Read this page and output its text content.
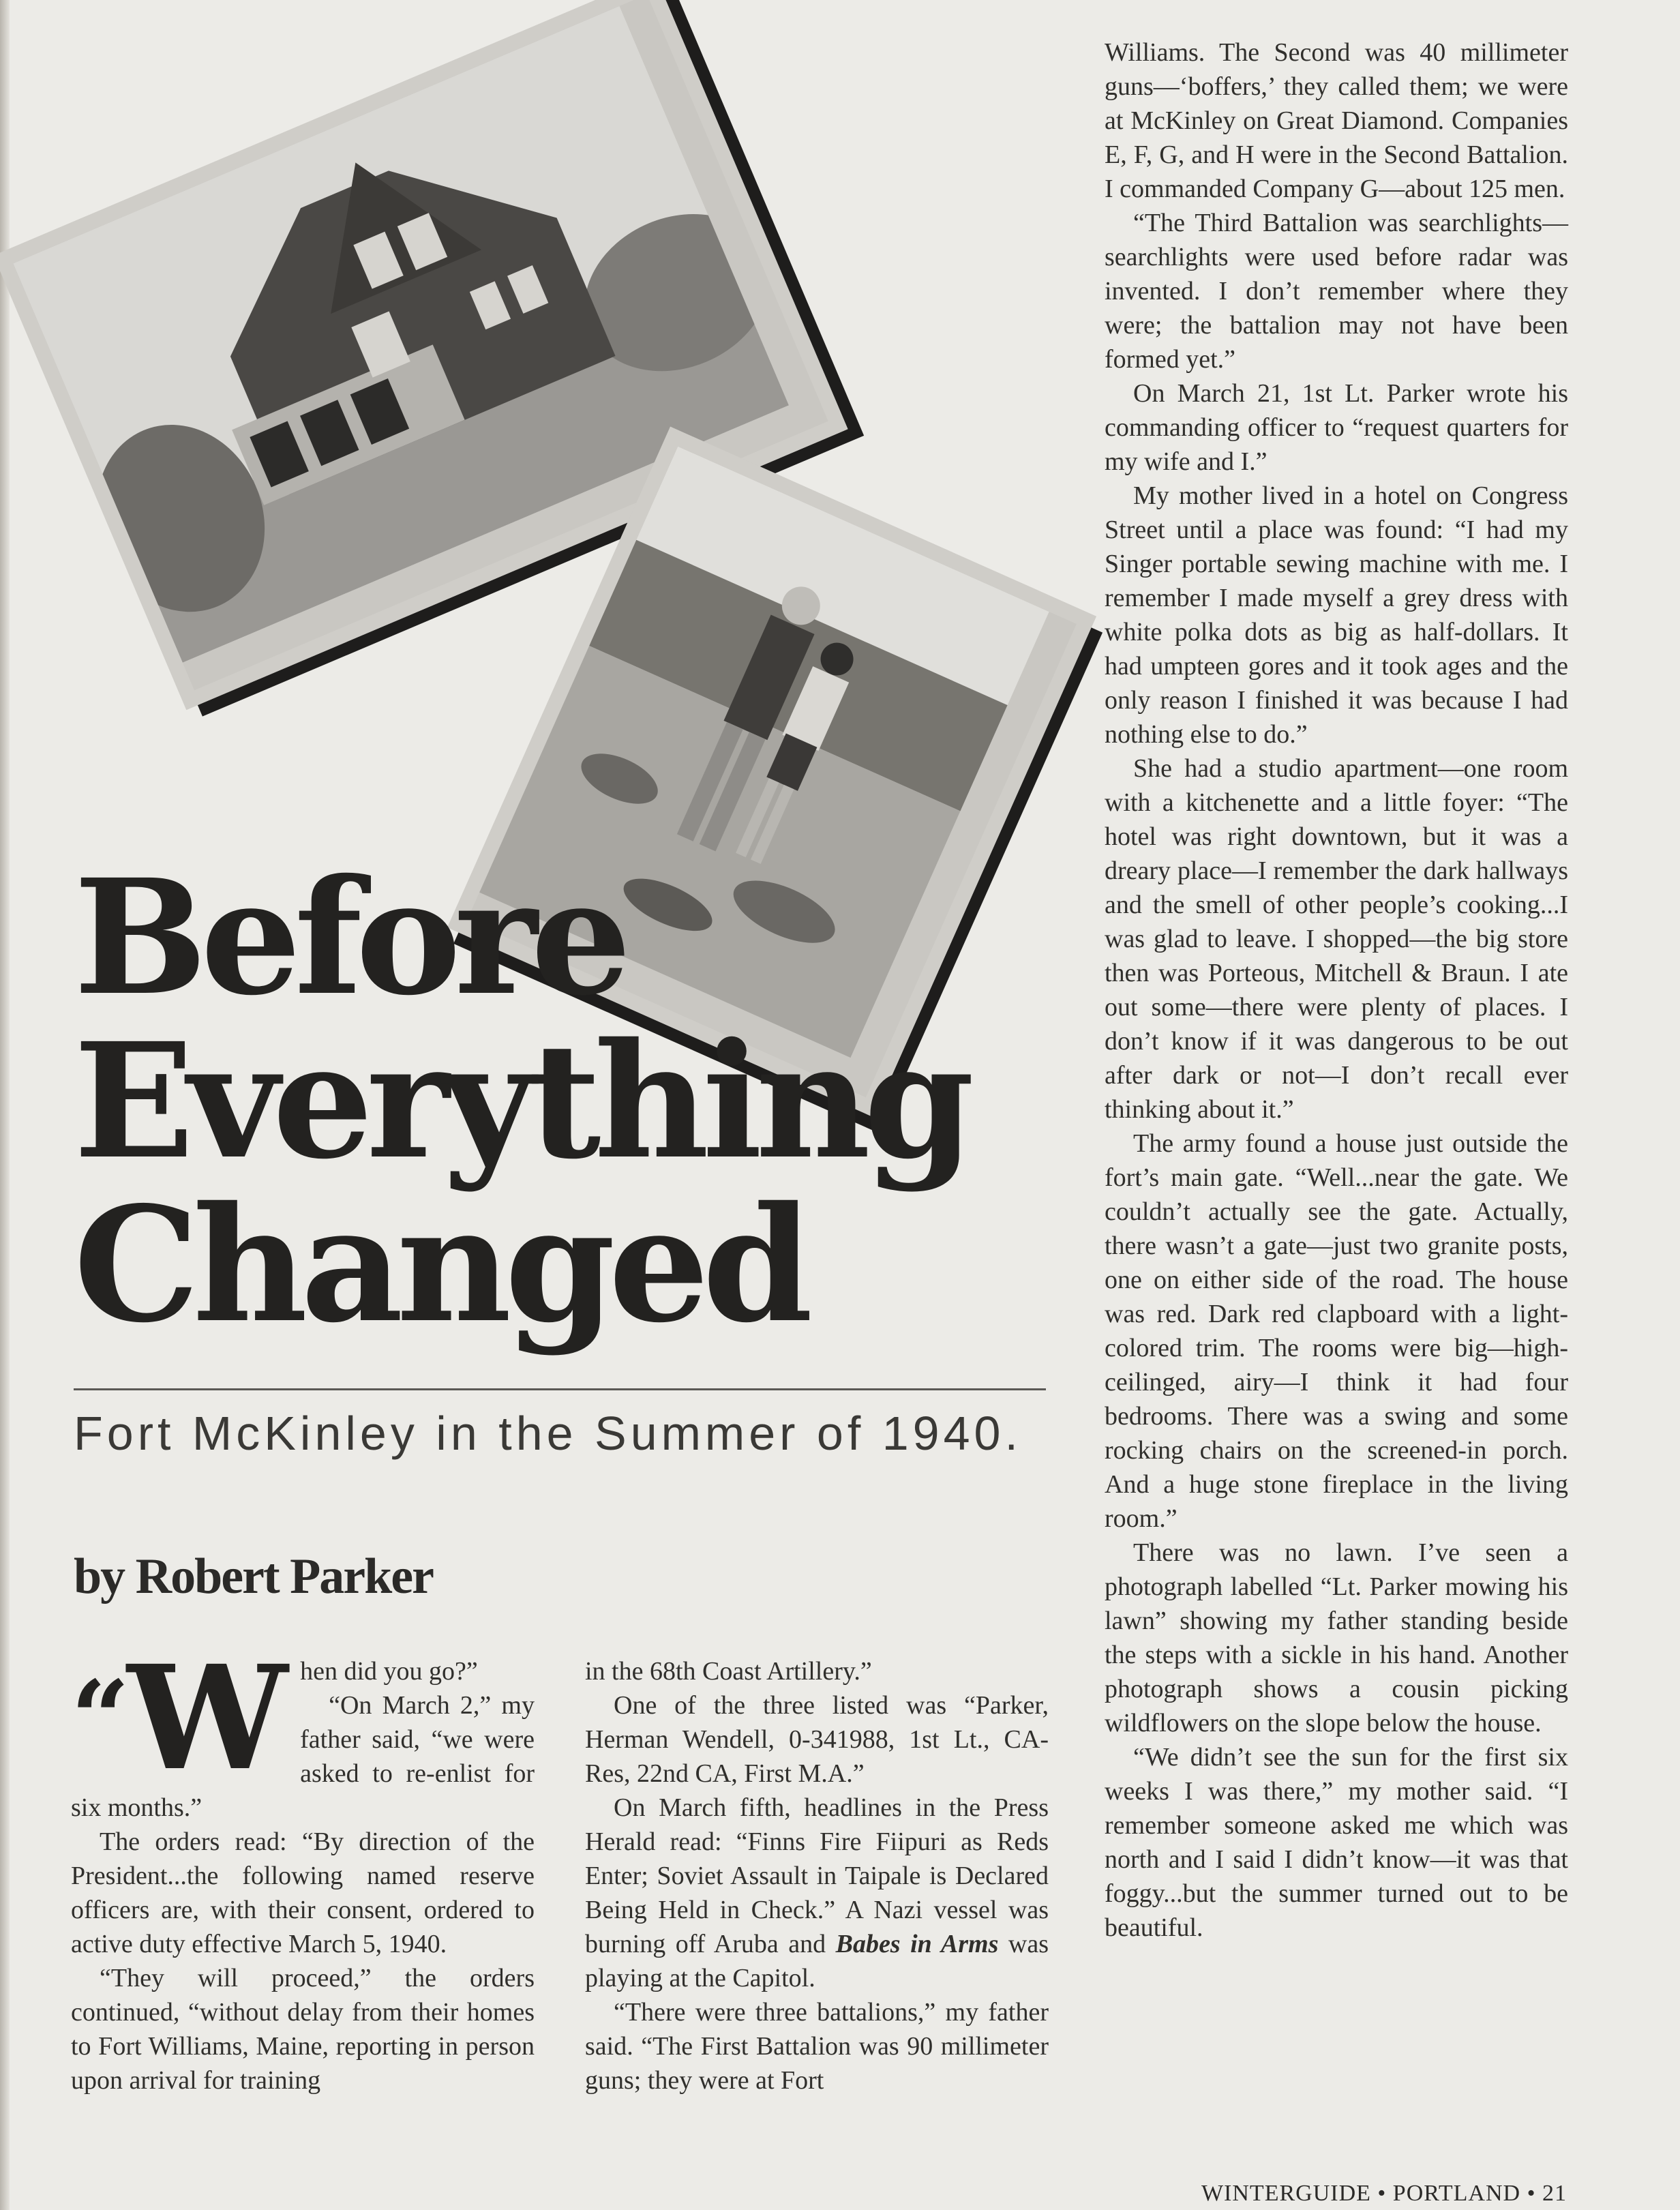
Before
Everything
Changed
Fort McKinley in the Summer of 1940.
by Robert Parker
“W hen did you go?”

“On March 2,” my father said, “we were asked to re-enlist for six months.”

The orders read: “By direction of the President...the following named reserve officers are, with their consent, ordered to active duty effective March 5, 1940.

“They will proceed,” the orders continued, “without delay from their homes to Fort Williams, Maine, reporting in person upon arrival for training

in the 68th Coast Artillery.”

One of the three listed was “Parker, Herman Wendell, 0-341988, 1st Lt., CA-Res, 22nd CA, First M.A.”

On March fifth, headlines in the Press Herald read: “Finns Fire Fiipuri as Reds Enter; Soviet Assault in Taipale is Declared Being Held in Check.” A Nazi vessel was burning off Aruba and Babes in Arms was playing at the Capitol.

“There were three battalions,” my father said. “The First Battalion was 90 millimeter guns; they were at Fort

Williams. The Second was 40 millimeter guns—‘boffers,’ they called them; we were at McKinley on Great Diamond. Companies E, F, G, and H were in the Second Battalion. I commanded Company G—about 125 men.

“The Third Battalion was searchlights—searchlights were used before radar was invented. I don’t remember where they were; the battalion may not have been formed yet.”

On March 21, 1st Lt. Parker wrote his commanding officer to “request quarters for my wife and I.”

My mother lived in a hotel on Congress Street until a place was found: “I had my Singer portable sewing machine with me. I remember I made myself a grey dress with white polka dots as big as half-dollars. It had umpteen gores and it took ages and the only reason I finished it was because I had nothing else to do.”

She had a studio apartment—one room with a kitchenette and a little foyer: “The hotel was right downtown, but it was a dreary place—I remember the dark hallways and the smell of other people’s cooking...I was glad to leave. I shopped—the big store then was Porteous, Mitchell & Braun. I ate out some—there were plenty of places. I don’t know if it was dangerous to be out after dark or not—I don’t recall ever thinking about it.”

The army found a house just outside the fort’s main gate. “Well...near the gate. We couldn’t actually see the gate. Actually, there wasn’t a gate—just two granite posts, one on either side of the road. The house was red. Dark red clapboard with a light-colored trim. The rooms were big—high-ceilinged, airy—I think it had four bedrooms. There was a swing and some rocking chairs on the screened-in porch. And a huge stone fireplace in the living room.”

There was no lawn. I’ve seen a photograph labelled “Lt. Parker mowing his lawn” showing my father standing beside the steps with a sickle in his hand. Another photograph shows a cousin picking wildflowers on the slope below the house.

“We didn’t see the sun for the first six weeks I was there,” my mother said. “I remember someone asked me which was north and I said I didn’t know—it was that foggy...but the summer turned out to be beautiful.

WINTERGUIDE • PORTLAND • 21
